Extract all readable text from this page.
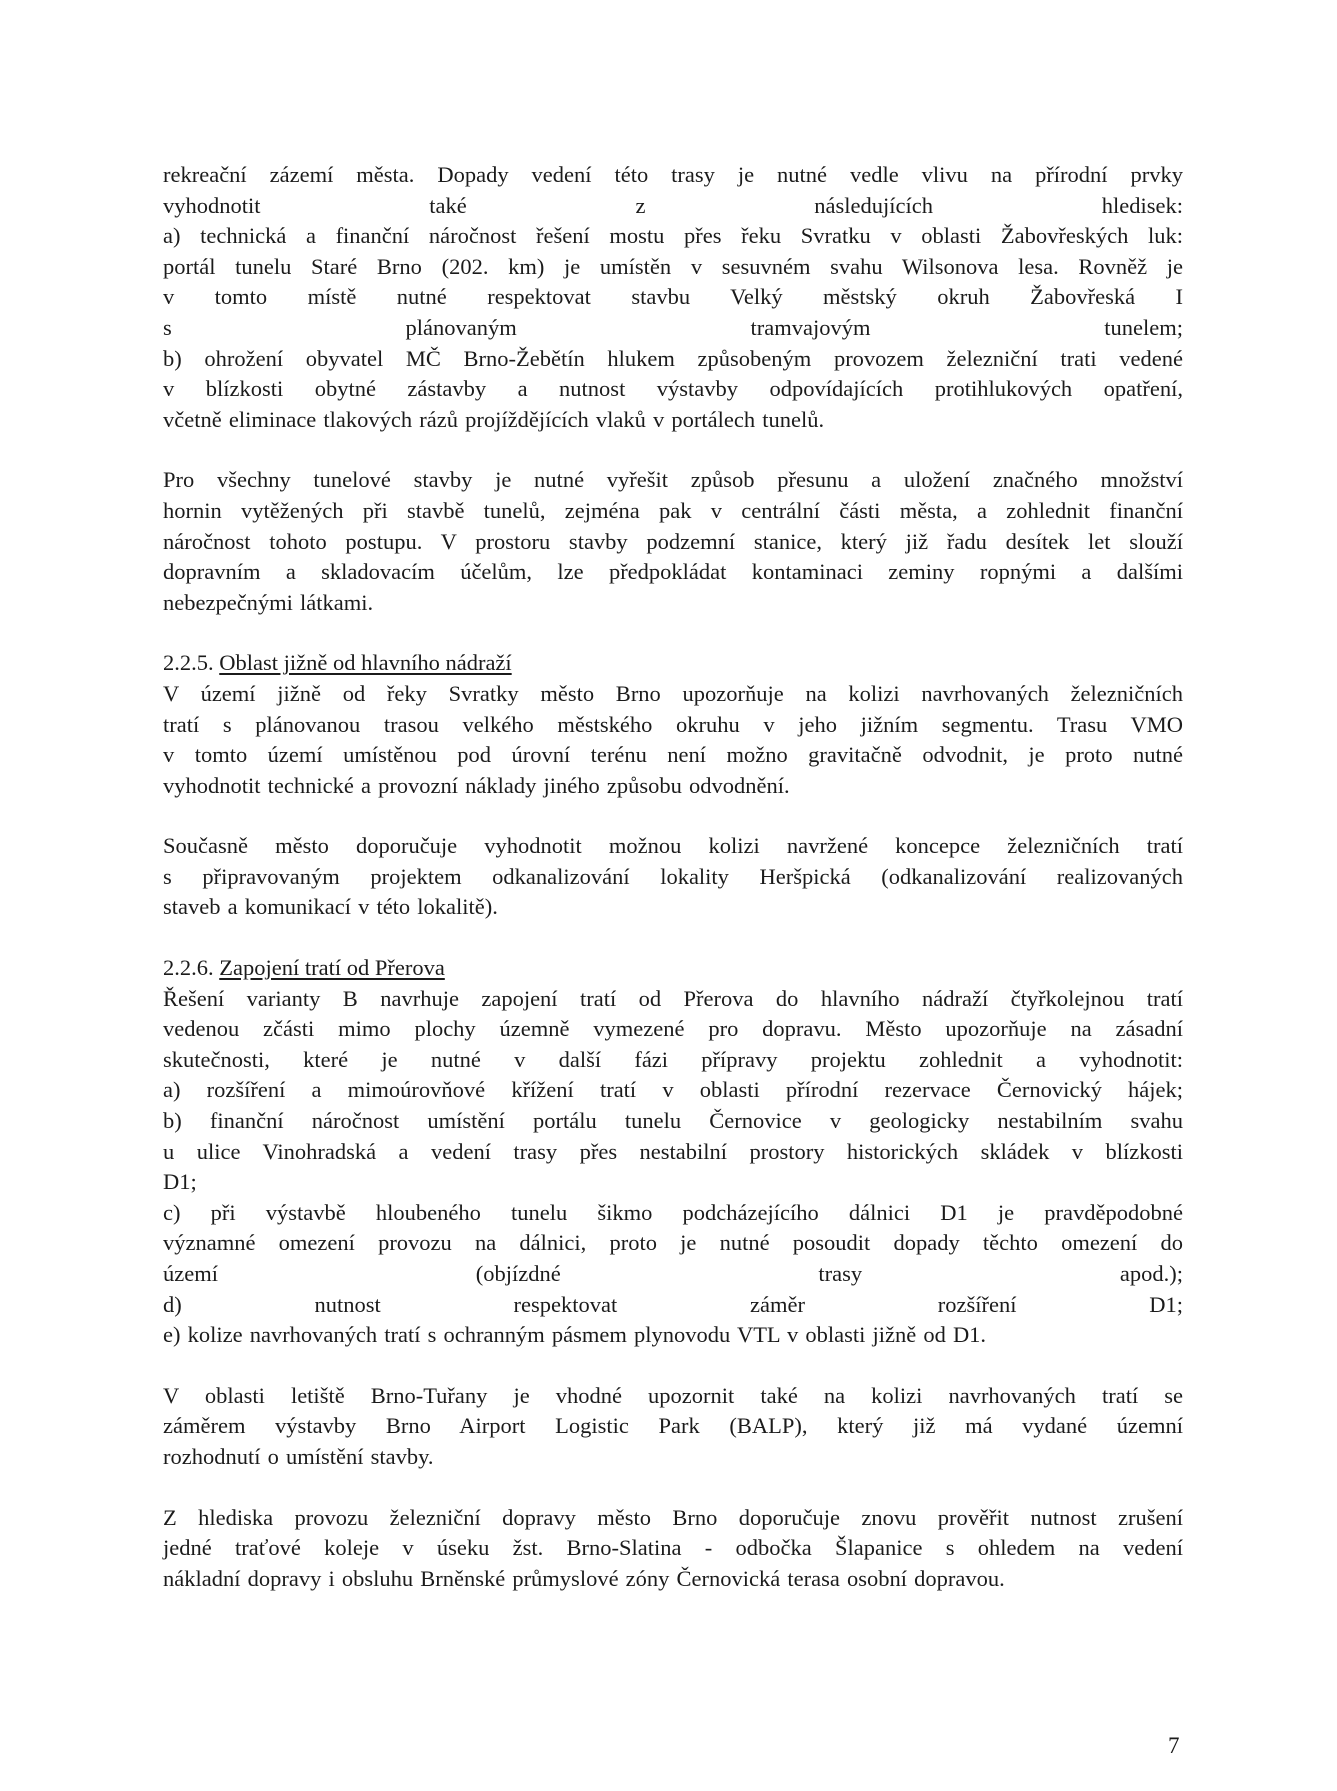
rekreační zázemí města. Dopady vedení této trasy je nutné vedle vlivu na přírodní prvky
vyhodnotit také z následujících hledisek:
a) technická a finanční náročnost řešení mostu přes řeku Svratku v oblasti Žabovřeských luk:
portál tunelu Staré Brno (202. km) je umístěn v sesuvném svahu Wilsonova lesa. Rovněž je
v tomto místě nutné respektovat stavbu Velký městský okruh Žabovřeská I
s plánovaným tramvajovým tunelem;
b) ohrožení obyvatel MČ Brno-Žebětín hlukem způsobeným provozem železniční trati vedené
v blízkosti obytné zástavby a nutnost výstavby odpovídajících protihlukových opatření,
včetně eliminace tlakových rázů projíždějících vlaků v portálech tunelů.

Pro všechny tunelové stavby je nutné vyřešit způsob přesunu a uložení značného množství
hornin vytěžených při stavbě tunelů, zejména pak v centrální části města, a zohlednit finanční
náročnost tohoto postupu. V prostoru stavby podzemní stanice, který již řadu desítek let slouží
dopravním a skladovacím účelům, lze předpokládat kontaminaci zeminy ropnými a dalšími
nebezpečnými látkami.

2.2.5. Oblast jižně od hlavního nádraží

V území jižně od řeky Svratky město Brno upozorňuje na kolizi navrhovaných železničních
tratí s plánovanou trasou velkého městského okruhu v jeho jižním segmentu. Trasu VMO
v tomto území umístěnou pod úrovní terénu není možno gravitačně odvodnit, je proto nutné
vyhodnotit technické a provozní náklady jiného způsobu odvodnění.

Současně město doporučuje vyhodnotit možnou kolizi navržené koncepce železničních tratí
s připravovaným projektem odkanalizování lokality Heršpická (odkanalizování realizovaných
staveb a komunikací v této lokalitě).

2.2.6. Zapojení tratí od Přerova

Řešení varianty B navrhuje zapojení tratí od Přerova do hlavního nádraží čtyřkolejnou tratí
vedenou zčásti mimo plochy územně vymezené pro dopravu. Město upozorňuje na zásadní
skutečnosti, které je nutné v další fázi přípravy projektu zohlednit a vyhodnotit:
a) rozšíření a mimoúrovňové křížení tratí v oblasti přírodní rezervace Černovický hájek;
b) finanční náročnost umístění portálu tunelu Černovice v geologicky nestabilním svahu
u ulice Vinohradská a vedení trasy přes nestabilní prostory historických skládek v blízkosti
D1;
c) při výstavbě hloubeného tunelu šikmo podcházejícího dálnici D1 je pravděpodobné
významné omezení provozu na dálnici, proto je nutné posoudit dopady těchto omezení do
území (objízdné trasy apod.);
d) nutnost respektovat záměr rozšíření D1;
e) kolize navrhovaných tratí s ochranným pásmem plynovodu VTL v oblasti jižně od D1.

V oblasti letiště Brno-Tuřany je vhodné upozornit také na kolizi navrhovaných tratí se
záměrem výstavby Brno Airport Logistic Park (BALP), který již má vydané územní
rozhodnutí o umístění stavby.

Z hlediska provozu železniční dopravy město Brno doporučuje znovu prověřit nutnost zrušení
jedné traťové koleje v úseku žst. Brno-Slatina - odbočka Šlapanice s ohledem na vedení
nákladní dopravy i obsluhu Brněnské průmyslové zóny Černovická terasa osobní dopravou.

7
